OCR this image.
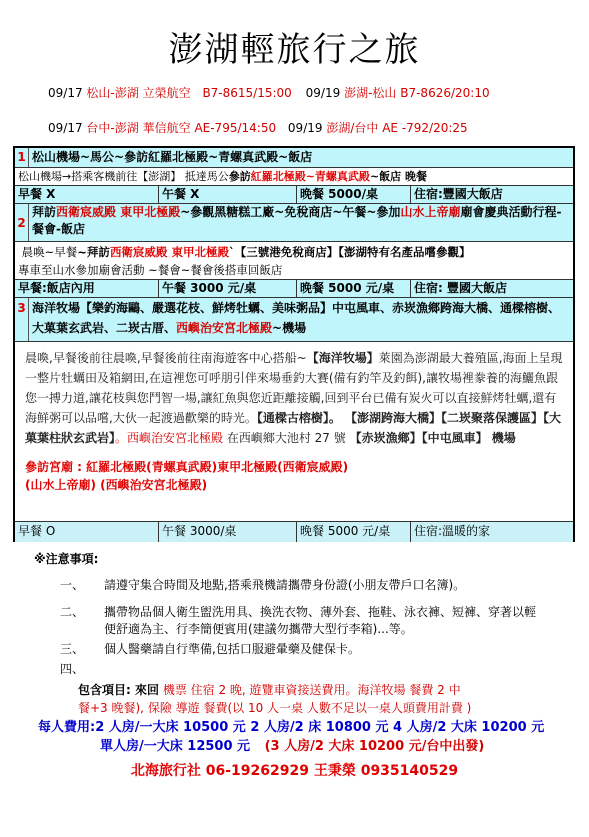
澎湖輕旅行之旅
09/17 松山-澎湖 立榮航空 B7-8615/15:00 09/19 澎湖-松山 B7-8626/20:10
09/17 台中-澎湖 華信航空 AE-795/14:50 09/19 澎湖/台中 AE -792/20:25
1 松山機場~馬公~參訪紅羅北極殿~青螺真武殿~飯店
松山機場→搭乘客機前往【澎湖】 抵達馬公參訪紅羅北極殿~青螺真武殿~飯店 晚餐
早餐 X	午餐 X	晚餐 5000/桌	住宿:豐國大飯店
2
拜訪西衛宸威殿 東甲北極殿~參觀黑糖糕工廠~免稅商店~午餐~參加山水上帝廟廟會慶典活動行程-餐會-飯店
晨喚~早餐~拜訪西衛宸威殿 東甲北極殿`【三號港免稅商店】【澎湖特有名產品嚐參觀】
專車至山水參加廟會活動 ~餐會~餐會後搭車回飯店
早餐:飯店內用	午餐 3000 元/桌	晚餐 5000 元/桌	住宿: 豐國大飯店
3 海洋牧場【樂釣海鷗、嚴選花枝、鮮烤牡蠣、美味粥品】中屯風車、赤崁漁鄉跨海大橋、通樑榕樹、大菓葉玄武岩、二崁古厝、西嶼治安宮北極殿~機場
晨喚,早餐後前往晨喚,早餐後前往南海遊客中心搭船~【海洋牧場】萊園為澎湖最大養殖區,海面上呈現一整片牡蠣田及箱網田,在這裡您可呼朋引伴來場垂釣大賽(備有釣竿及釣餌),讓牧場裡豢養的海鱺魚跟您一搏力道,讓花枝與您鬥智一場,讓紅魚與您近距離接觸,回到平台已備有炭火可以直接鮮烤牡蠣,還有海鮮粥可以品嚐,大伙一起渡過歡樂的時光。【通樑古榕樹】。 【澎湖跨海大橋】【二崁聚落保護區】【大菓葉柱狀玄武岩】。西嶼治安宮北極殿 在西嶼鄉大池村 27 號 【赤崁漁鄉】【中屯風車】 機場
參訪宮廟 : 紅羅北極殿(青螺真武殿)東甲北極殿(西衛宸威殿)
(山水上帝廟) (西嶼治安宮北極殿)
早餐 O	午餐 3000/桌	晚餐 5000 元/桌	住宿:溫暖的家
※注意事項:
一、 請遵守集合時間及地點,搭乘飛機請攜帶身份證(小朋友帶戶口名簿)。
二、 攜帶物品個人衛生盥洗用具、換洗衣物、薄外套、拖鞋、泳衣褲、短褲、穿著以輕
便舒適為主、行李簡便賓用(建議勿攜帶大型行李箱)...等。
三、 個人醫藥請自行準備,包括口服避暈藥及健保卡。
四、
包含項目: 來回 機票 住宿 2 晚, 遊覽車資接送費用。海洋牧場 餐費 2 中
餐+3 晚餐), 保險 導遊 餐費(以 10 人一桌 人數不足以一桌人頭費用計費 )
每人費用:2 人房/一大床 10500 元 2 人房/2 床 10800 元 4 人房/2 大床 10200 元
單人房/一大床 12500 元 (3 人房/2 大床 10200 元/台中出發)
北海旅行社 06-19262929 王秉榮 0935140529
